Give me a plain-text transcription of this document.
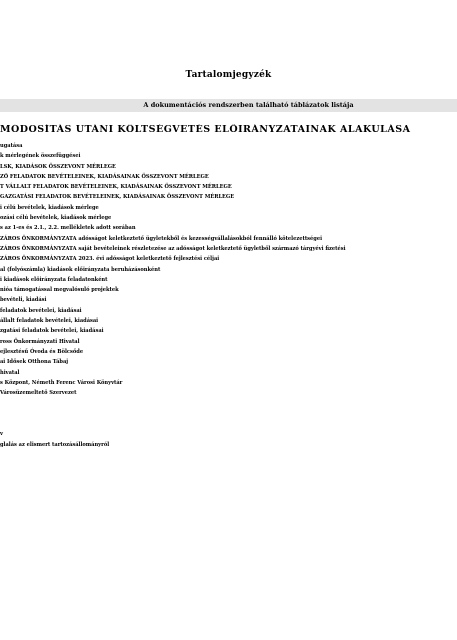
Tartalomjegyzék
A dokumentációs rendszerben található táblázatok listája
MÓDOSÍTÁS UTÁNI KÖLTSÉGVETÉS ELŐIRÁNYZATAINAK ALAKULÁSA
ugatása
k mérlegének összefüggései
LSK, KIADÁSOK ÖSSZEVONT MÉRLEGE
ZŐ FELADATOK BEVÉTELEINEK, KIADÁSAINAK ÖSSZEVONT MÉRLEGE
T VÁLLALT FELADATOK BEVÉTELEINEK, KIADÁSAINAK ÖSSZEVONT MÉRLEGE
GAZGATÁSI FELADATOK BEVÉTELEINEK, KIADÁSAINAK ÖSSZEVONT MÉRLEGE
i célú bevételek, kiadások mérlege
ozási célú bevételek, kiadások mérlege
s az 1-es és 2.1., 2.2. mellékletek adott sorában
ZÁROS ÖNKORMÁNYZATA adósságot keletkeztető ügyletekből és kezességvállalásokból fennálló kötelezettségei
ZÁROS ÖNKORMÁNYZATA saját bevételeinek részletezése az adósságot keletkeztető ügyletből származó tárgyévi fizetési
ZÁROS ÖNKORMÁNYZATA 2023. évi adósságot keletkeztető fejlesztési céljai
al (folyószámla) kiadások előirányzata beruházásonként
i kiadások előirányzata feladatonként
nióa támogatással megvalósuló projektek
bevételi, kiadási
feladatok bevételei, kiadásai
állalt feladatok bevételei, kiadásai
zgatási feladatok bevételei, kiadásai
ross Önkormányzati Hivatal
ejlesztésű Óvoda és Bölcsőde
ai Idősek Otthona Tábaj
hivatal
s Központ, Németh Ferenc Városi Könyvtár
Városüzemeltető Szervezet
v
glalás az elismert tartozásállományról
